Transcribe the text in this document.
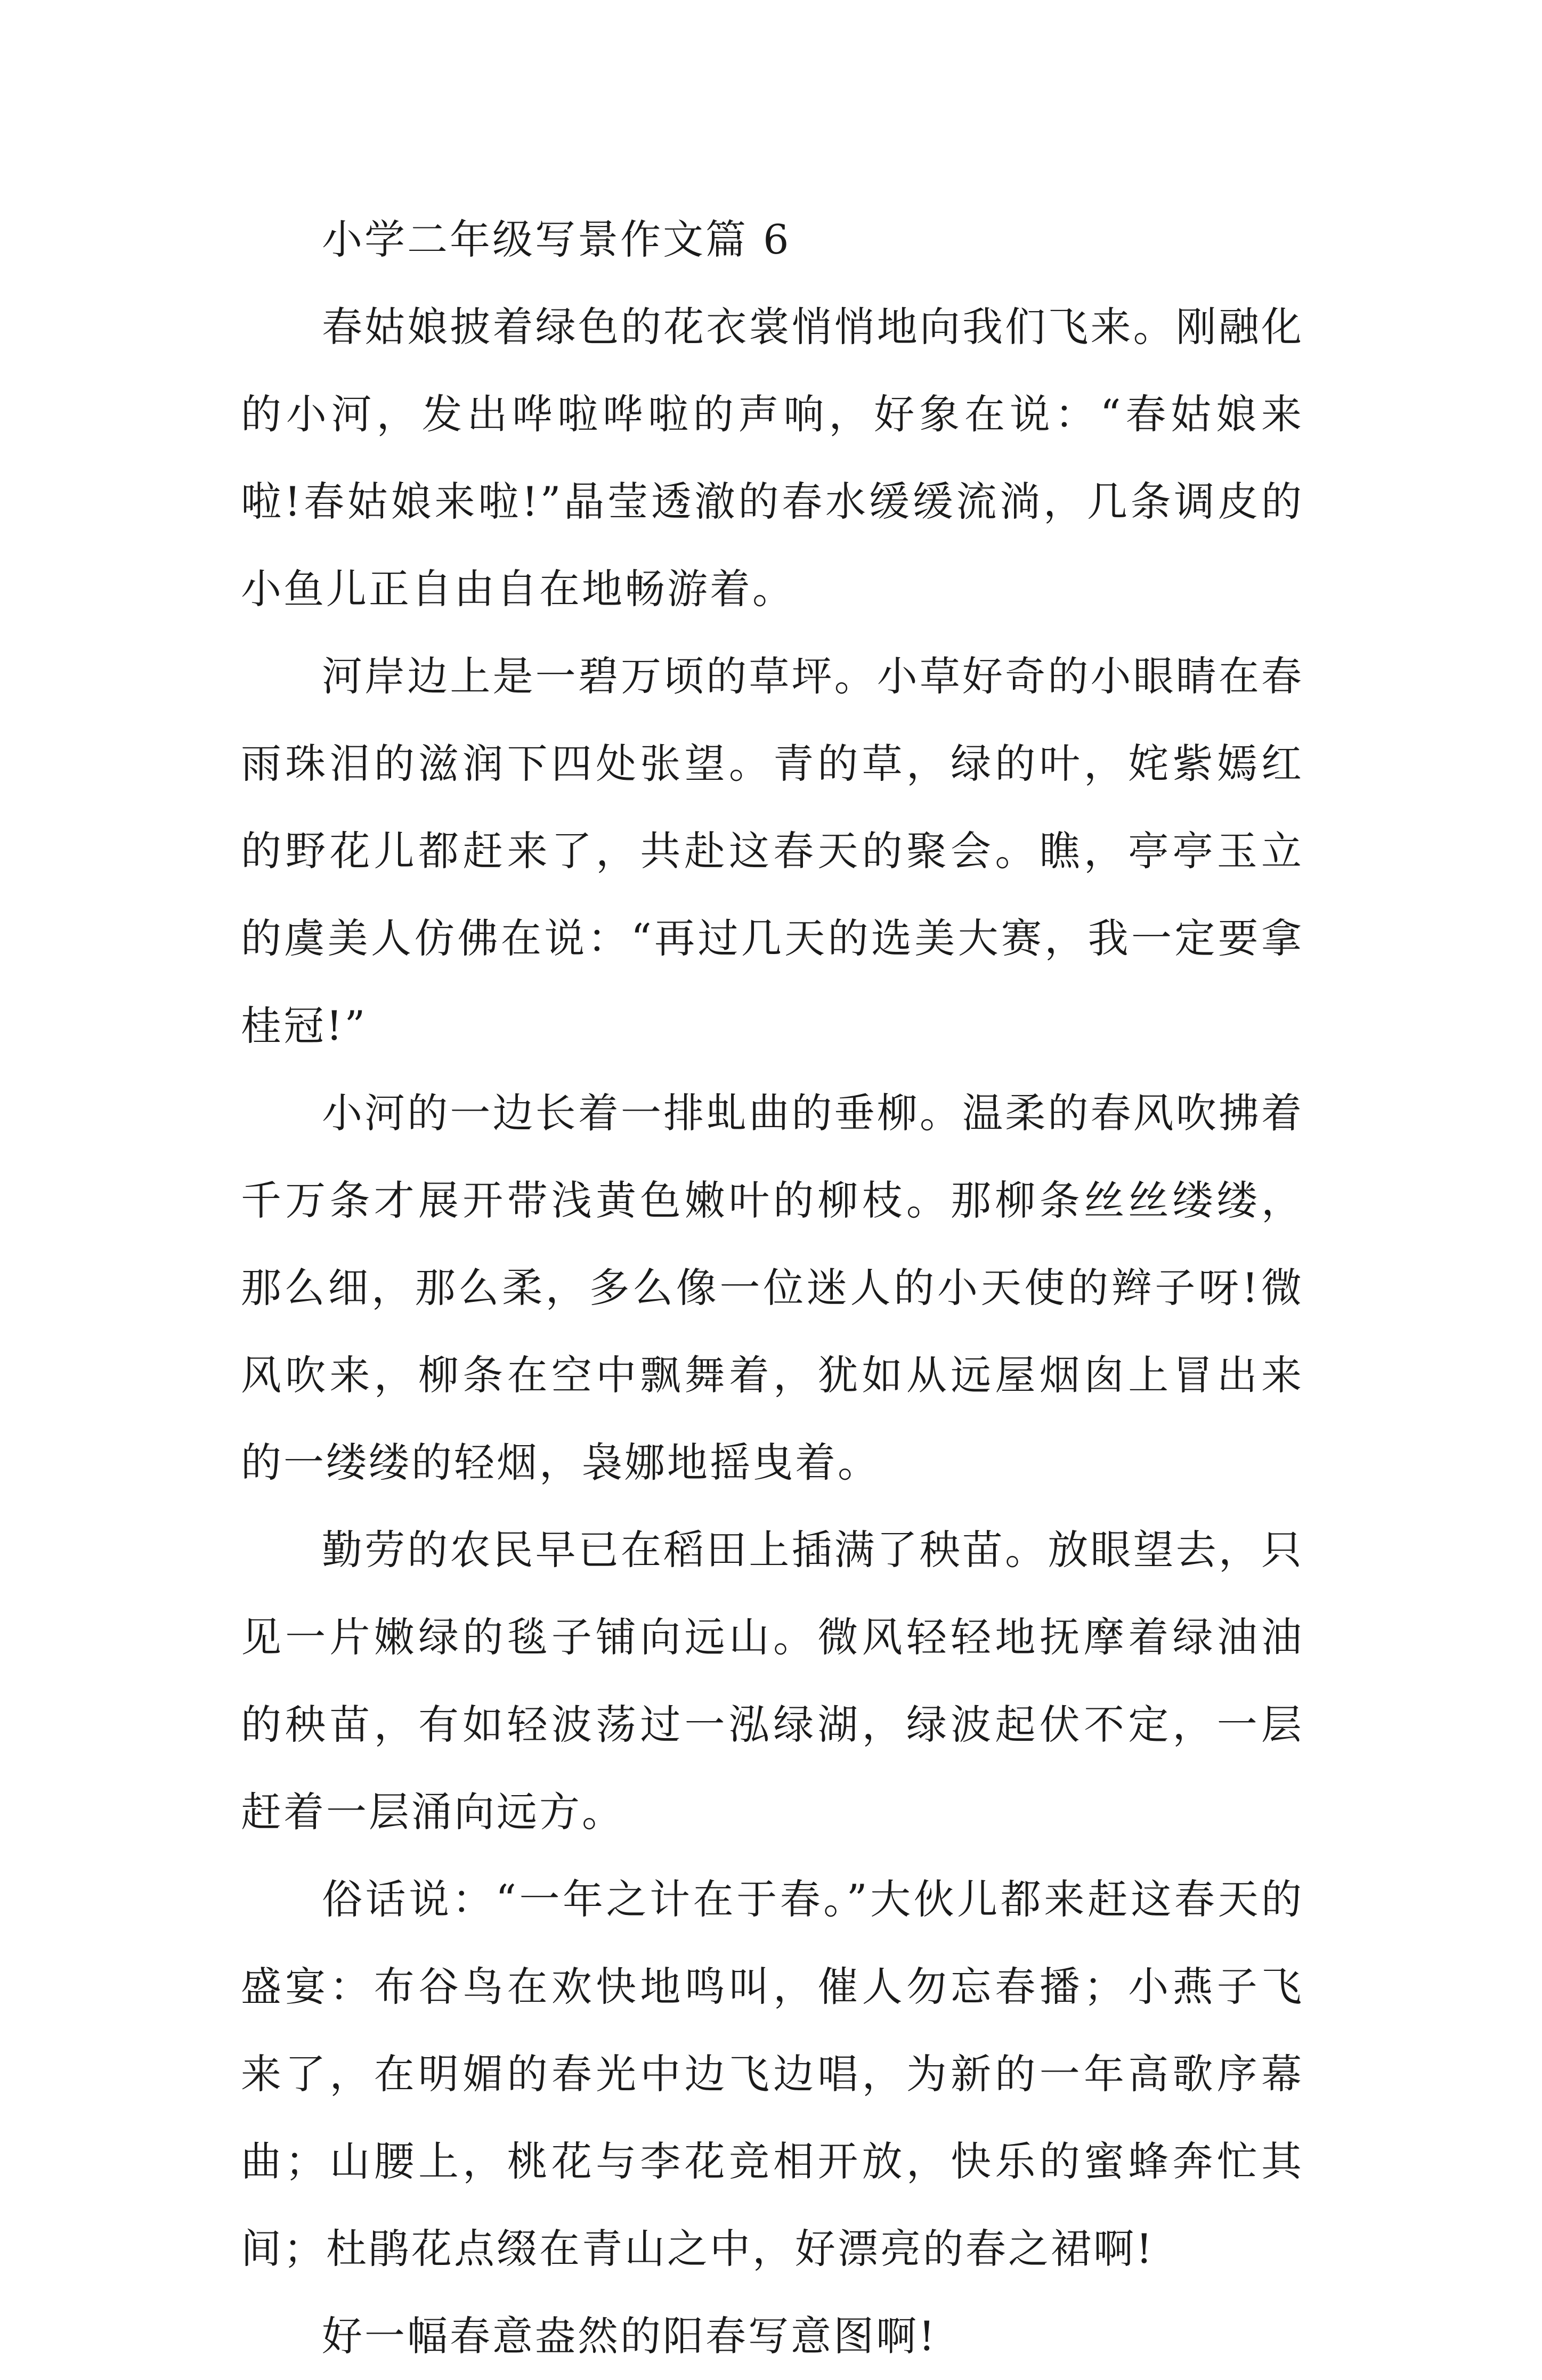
小学二年级写景作文篇 6

春姑娘披着绿色的花衣裳悄悄地向我们飞来。刚融化的小河，发出哗啦哗啦的声响，好象在说：“春姑娘来啦!春姑娘来啦!”晶莹透澈的春水缓缓流淌，几条调皮的小鱼儿正自由自在地畅游着。

河岸边上是一碧万顷的草坪。小草好奇的小眼睛在春雨珠泪的滋润下四处张望。青的草，绿的叶，姹紫嫣红的野花儿都赶来了，共赴这春天的聚会。瞧，亭亭玉立的虞美人仿佛在说：“再过几天的选美大赛，我一定要拿桂冠!”

小河的一边长着一排虬曲的垂柳。温柔的春风吹拂着千万条才展开带浅黄色嫩叶的柳枝。那柳条丝丝缕缕，那么细，那么柔，多么像一位迷人的小天使的辫子呀!微风吹来，柳条在空中飘舞着，犹如从远屋烟囱上冒出来的一缕缕的轻烟，袅娜地摇曳着。

勤劳的农民早已在稻田上插满了秧苗。放眼望去，只见一片嫩绿的毯子铺向远山。微风轻轻地抚摩着绿油油的秧苗，有如轻波荡过一泓绿湖，绿波起伏不定，一层赶着一层涌向远方。

俗话说：“一年之计在于春。”大伙儿都来赶这春天的盛宴：布谷鸟在欢快地鸣叫，催人勿忘春播；小燕子飞来了，在明媚的春光中边飞边唱，为新的一年高歌序幕曲；山腰上，桃花与李花竞相开放，快乐的蜜蜂奔忙其间；杜鹃花点缀在青山之中，好漂亮的春之裙啊!

好一幅春意盎然的阳春写意图啊!
